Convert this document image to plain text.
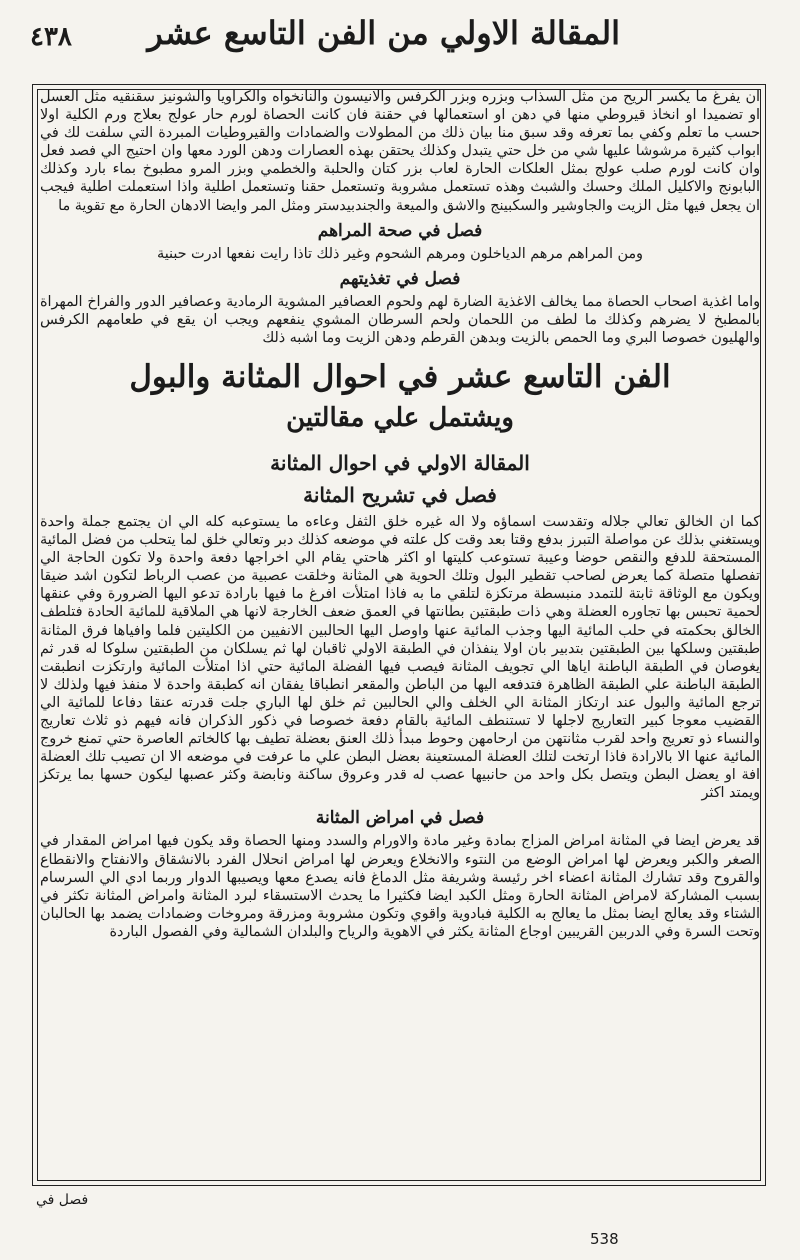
٤٣٨ المقالة الاولي من الفن التاسع عشر

ان يفرغ ما يكسر الريح من مثل السذاب وبزره وبزر الكرفس والانيسون والنانخواه والكراويا والشونيز سقنقيه مثل العسل او تضميدا او انخاذ قيروطي منها في دهن او استعمالها في حقنة فان كانت الحصاة لورم حار عولج بعلاج ورم الكلية اولا حسب ما تعلم وكفي بما تعرفه وقد سبق منا بيان ذلك من المطولات والضمادات والقيروطيات المبردة التي سلفت لك في ابواب كثيرة مرشوشا عليها شي من خل حتي يتبدل وكذلك يحتقن بهذه العصارات ودهن الورد معها وان احتيج الي فصد فعل وان كانت لورم صلب عولج بمثل العلكات الحارة لعاب بزر كتان والحلبة والخطمي وبزر المرو مطبوخ بماء بارد وكذلك البابونج والاكليل الملك وحسك والشبث وهذه تستعمل مشروبة وتستعمل حقنا وتستعمل اطلية واذا استعملت اطلية فيجب ان يجعل فيها مثل الزيت والجاوشير والسكبينج والاشق والميعة والجندبيدستر ومثل المر وايضا الادهان الحارة مع تقوية ما

فصل في صحة المراهم
ومن المراهم مرهم الدياخلون ومرهم الشحوم وغير ذلك تاذا رايت نفعها ادرت حبنية
فصل في تغذيتهم

واما اغذية اصحاب الحصاة مما يخالف الاغذية الضارة لهم ولحوم العصافير المشوية الرمادية وعصافير الدور والفراخ المهراة بالمطبخ لا يضرهم وكذلك ما لطف من اللحمان ولحم السرطان المشوي ينفعهم ويجب ان يقع في طعامهم الكرفس والهليون خصوصا البري وما الحمص بالزيت وبدهن القرطم ودهن الزيت وما اشبه ذلك

الفن التاسع عشر في احوال المثانة والبول
ويشتمل علي مقالتين
المقالة الاولي في احوال المثانة
فصل في تشريح المثانة

كما ان الخالق تعالي جلاله وتقدست اسماؤه ولا اله غيره خلق الثفل وعاءه ما يستوعبه كله الي ان يجتمع جملة واحدة ويستغني بذلك عن مواصلة التبرز بدفع وقتا بعد وقت كل علته في موضعه كذلك دبر وتعالي خلق لما يتحلب من فضل المائية المستحقة للدفع والنقص حوضا وعيبة تستوعب كليتها او اكثر هاحتي يقام الي اخراجها دفعة واحدة ولا تكون الحاجة الي تفصلها متصلة كما يعرض لصاحب تقطير البول وتلك الحوية هي المثانة وخلقت عصبية من عصب الرباط لتكون اشد ضيقا ويكون مع الوثاقة ثابتة للتمدد منبسطة مرتكزة لتلقي ما به فاذا امتلأت افرغ ما فيها بارادة تدعو اليها الضرورة وفي عنقها لحمية تحبس بها تجاوره العضلة وهي ذات طبقتين بطانتها في العمق ضعف الخارجة لانها هي الملاقية للمائية الحادة فتلطف الخالق بحكمته في حلب المائية اليها وجذب المائية عنها واوصل اليها الحالبين الانفيين من الكليتين فلما وافياها فرق المثانة طبقتين وسلكها بين الطبقتين بتدبير بان اولا ينفذان في الطبقة الاولي ثاقبان لها ثم يسلكان من الطبقتين سلوكا له قدر ثم يغوصان في الطبقة الباطنة اياها الي تجويف المثانة فيصب فيها الفضلة المائية حتي اذا امتلأت المائية وارتكزت انطبقت الطبقة الباطنة علي الطبقة الظاهرة فتدفعه اليها من الباطن والمقعر انطباقا يفقان انه كطبقة واحدة لا منفذ فيها ولذلك لا ترجع المائية والبول عند ارتكاز المثانة الي الخلف والي الحالبين ثم خلق لها الباري جلت قدرته عنقا دفاعا للمائية الي القضيب معوجا كبير التعاريج لاجلها لا تستنطف المائية بالقام دفعة خصوصا في ذكور الذكران فانه فيهم ذو ثلاث تعاريج والنساء ذو تعريج واحد لقرب مثانتهن من ارحامهن وحوط مبدأ ذلك العنق بعضلة تطيف بها كالخاتم العاصرة حتي تمنع خروج المائية عنها الا بالارادة فاذا ارتخت لتلك العضلة المستعينة بعضل البطن علي ما عرفت في موضعه الا ان تصيب تلك العضلة افة او يعضل البطن ويتصل بكل واحد من حانبيها عصب له قدر وعروق ساكنة ونابضة وكثر عصبها ليكون حسها بما يرتكز ويمتد اكثر

فصل في امراض المثانة

قد يعرض ايضا في المثانة امراض المزاج بمادة وغير مادة والاورام والسدد ومنها الحصاة وقد يكون فيها امراض المقدار في الصغر والكبر ويعرض لها امراض الوضع من النتوء والانخلاع ويعرض لها امراض انحلال الفرد بالانشقاق والانفتاح والانقطاع والقروح وقد تشارك المثانة اعضاء اخر رئيسة وشريفة مثل الدماغ فانه يصدع معها ويصيبها الدوار وربما ادي الي السرسام بسبب المشاركة لامراض المثانة الحارة ومثل الكبد ايضا فكثيرا ما يحدث الاستسقاء لبرد المثانة وامراض المثانة تكثر في الشتاء وقد يعالج ايضا بمثل ما يعالج به الكلية فبادوية واقوي وتكون مشروبة ومزرقة ومروخات وضمادات يضمد بها الحالبان وتحت السرة وفي الدربين القريبين اوجاع المثانة يكثر في الاهوية والرياح والبلدان الشمالية وفي الفصول الباردة

فصل في
538
